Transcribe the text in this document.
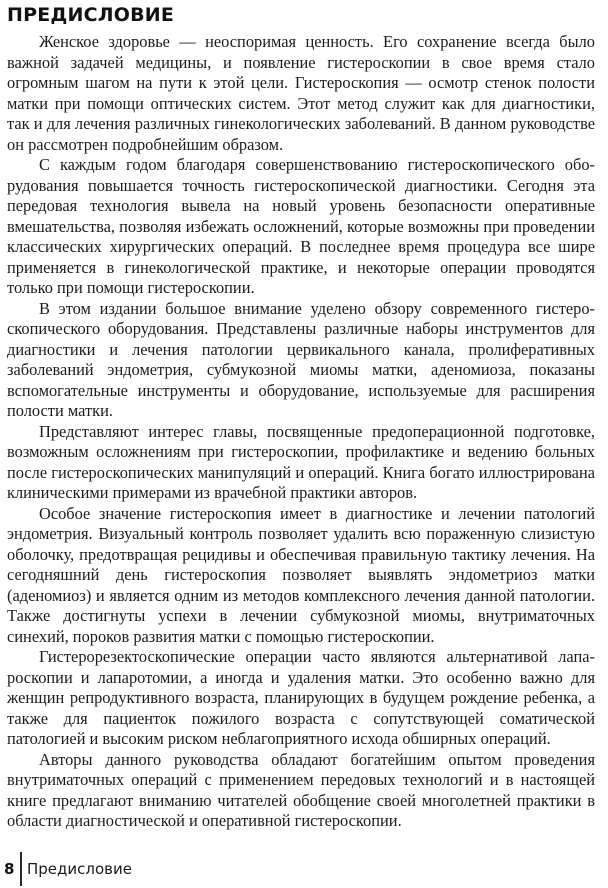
ПРЕДИСЛОВИЕ

Женское здоровье — неоспоримая ценность. Его сохранение всегда было важной задачей медицины, и появление гистероскопии в свое время стало огромным шагом на пути к этой цели. Гистероскопия — осмотр стенок полости матки при помощи оптических систем. Этот метод служит как для диагностики, так и для лечения различных гинекологических заболеваний. В данном руководстве он рассмотрен подробнейшим образом.

С каждым годом благодаря совершенствованию гистероскопического оборудования повышается точность гистероскопической диагностики. Сегодня эта передовая технология вывела на новый уровень безопасности оперативные вмешательства, позволяя избежать осложнений, которые возможны при проведении классических хирургических операций. В последнее время процедура все шире применяется в гинекологической практике, и некоторые операции проводятся только при помощи гистероскопии.

В этом издании большое внимание уделено обзору современного гистероскопического оборудования. Представлены различные наборы инструментов для диагностики и лечения патологии цервикального канала, пролиферативных заболеваний эндометрия, субмукозной миомы матки, аденомиоза, показаны вспомогательные инструменты и оборудование, используемые для расширения полости матки.

Представляют интерес главы, посвященные предоперационной подготовке, возможным осложнениям при гистероскопии, профилактике и ведению больных после гистероскопических манипуляций и операций. Книга богато иллюстрирована клиническими примерами из врачебной практики авторов.

Особое значение гистероскопия имеет в диагностике и лечении патологий эндометрия. Визуальный контроль позволяет удалить всю пораженную слизистую оболочку, предотвращая рецидивы и обеспечивая правильную тактику лечения. На сегодняшний день гистероскопия позволяет выявлять эндометриоз матки (аденомиоз) и является одним из методов комплексного лечения данной патологии. Также достигнуты успехи в лечении субмукозной миомы, внутриматочных синехий, пороков развития матки с помощью гистероскопии.

Гистерорезектоскопические операции часто являются альтернативой лапароскопии и лапаротомии, а иногда и удаления матки. Это особенно важно для женщин репродуктивного возраста, планирующих в будущем рождение ребенка, а также для пациенток пожилого возраста с сопутствующей соматической патологией и высоким риском неблагоприятного исхода обширных операций.

Авторы данного руководства обладают богатейшим опытом проведения внутриматочных операций с применением передовых технологий и в настоящей книге предлагают вниманию читателей обобщение своей многолетней практики в области диагностической и оперативной гистероскопии.

8 Предисловие
